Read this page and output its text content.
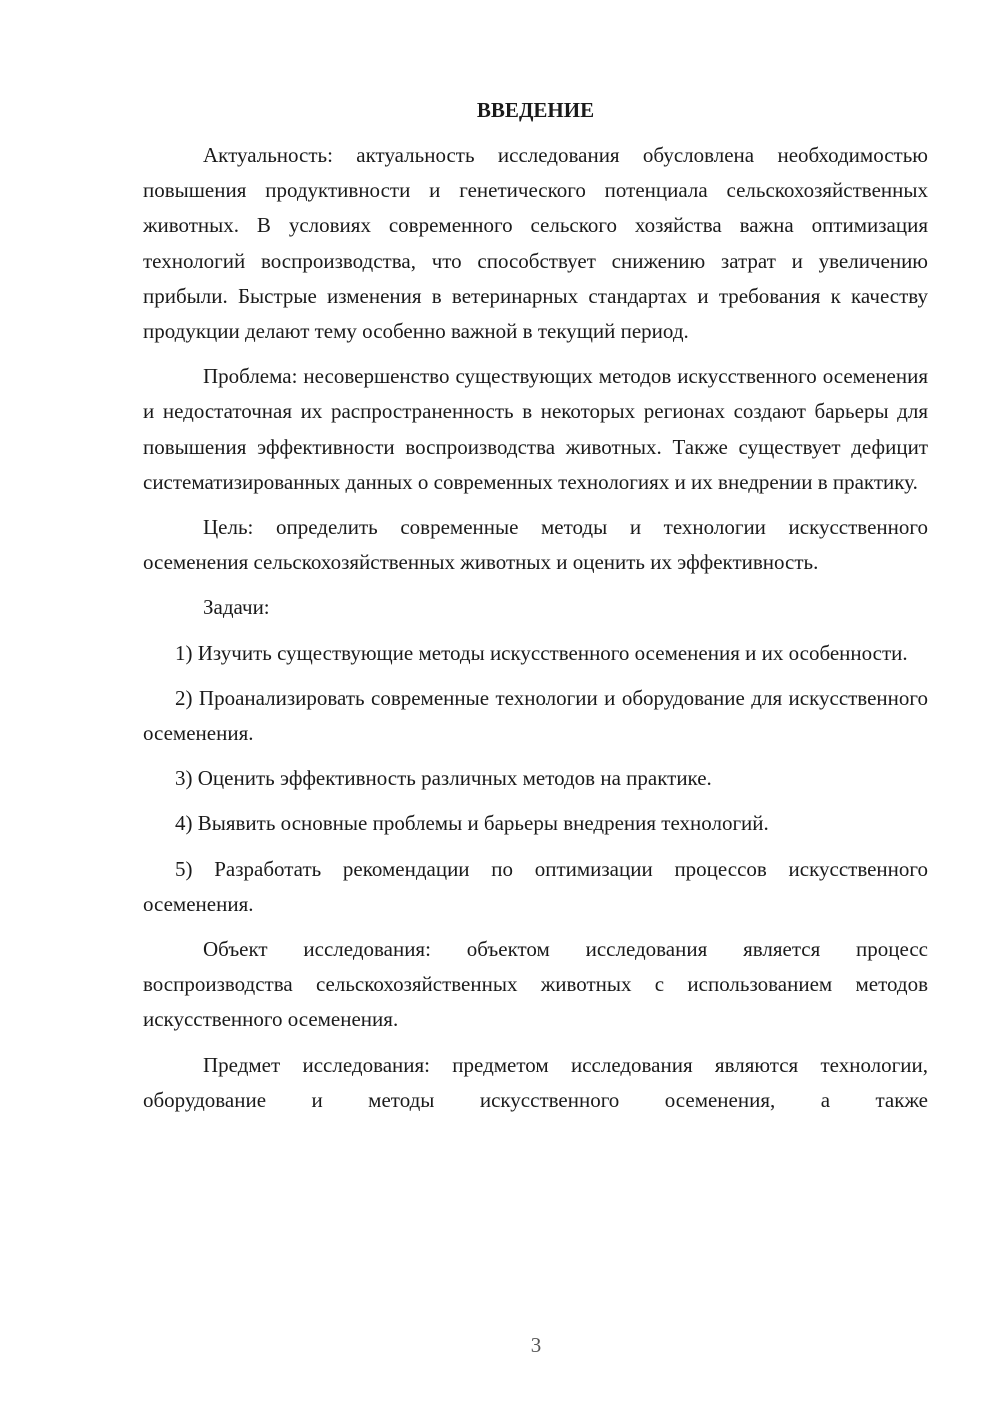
ВВЕДЕНИЕ

Актуальность: актуальность исследования обусловлена необходимостью повышения продуктивности и генетического потенциала сельскохозяйственных животных. В условиях современного сельского хозяйства важна оптимизация технологий воспроизводства, что способствует снижению затрат и увеличению прибыли. Быстрые изменения в ветеринарных стандартах и требования к качеству продукции делают тему особенно важной в текущий период.

Проблема: несовершенство существующих методов искусственного осеменения и недостаточная их распространенность в некоторых регионах создают барьеры для повышения эффективности воспроизводства животных. Также существует дефицит систематизированных данных о современных технологиях и их внедрении в практику.

Цель: определить современные методы и технологии искусственного осеменения сельскохозяйственных животных и оценить их эффективность.

Задачи:

1) Изучить существующие методы искусственного осеменения и их особенности.

2) Проанализировать современные технологии и оборудование для искусственного осеменения.

3) Оценить эффективность различных методов на практике.

4) Выявить основные проблемы и барьеры внедрения технологий.

5) Разработать рекомендации по оптимизации процессов искусственного осеменения.

Объект исследования: объектом исследования является процесс воспроизводства сельскохозяйственных животных с использованием методов искусственного осеменения.

Предмет исследования: предметом исследования являются технологии, оборудование и методы искусственного осеменения, а также

3
